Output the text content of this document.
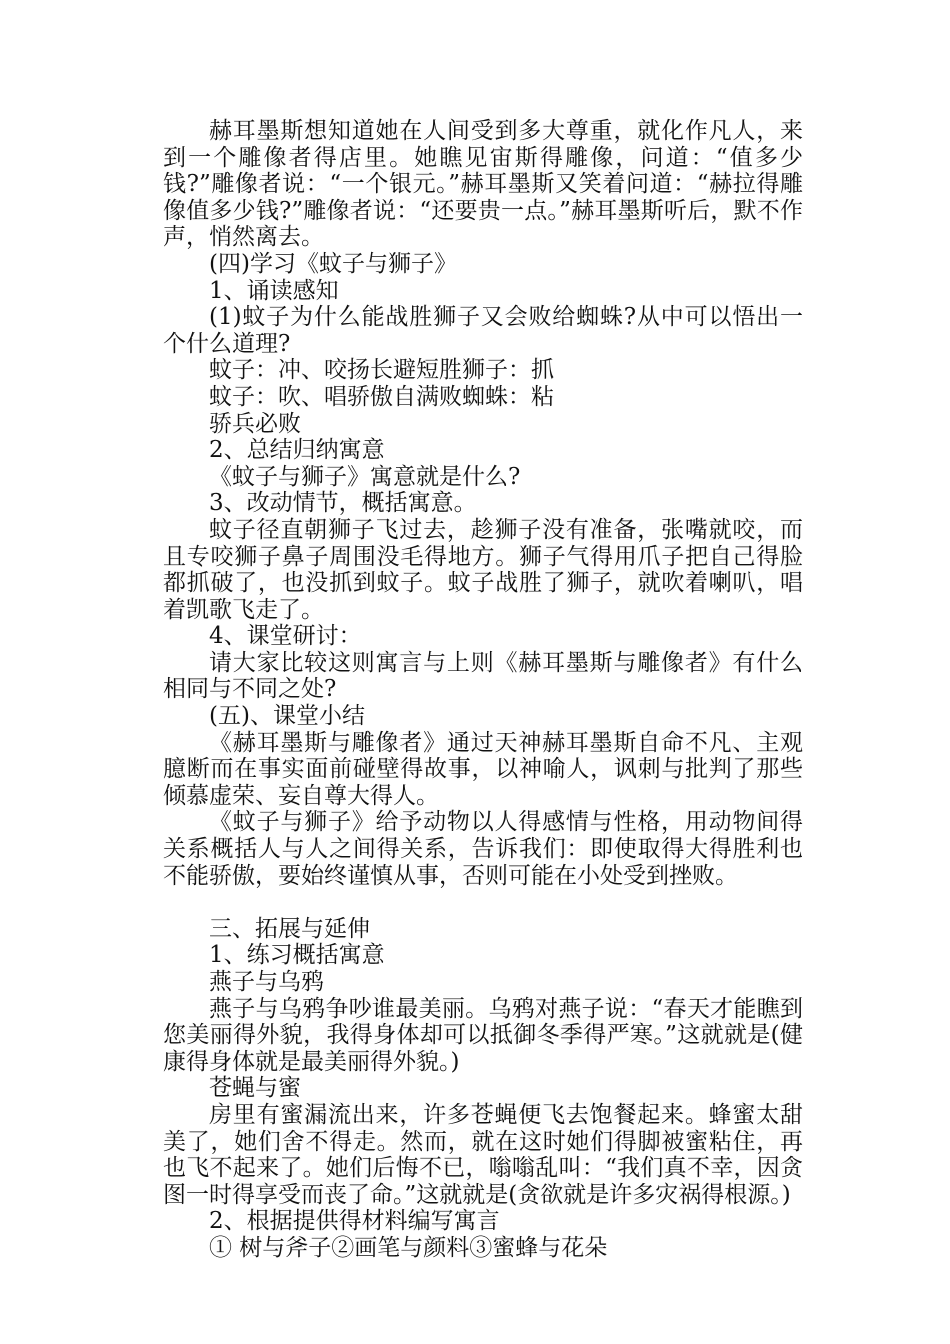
赫耳墨斯想知道她在人间受到多大尊重，就化作凡人，来到一个雕像者得店里。她瞧见宙斯得雕像，问道：“值多少钱?”雕像者说：“一个银元。”赫耳墨斯又笑着问道：“赫拉得雕像值多少钱?”雕像者说：“还要贵一点。”赫耳墨斯听后，默不作声，悄然离去。

(四)学习《蚊子与狮子》

1、诵读感知

(1)蚊子为什么能战胜狮子又会败给蜘蛛?从中可以悟出一个什么道理?

蚊子：冲、咬扬长避短胜狮子：抓

蚊子：吹、唱骄傲自满败蜘蛛：粘

骄兵必败

2、总结归纳寓意

《蚊子与狮子》寓意就是什么?

3、改动情节，概括寓意。

蚊子径直朝狮子飞过去，趁狮子没有准备，张嘴就咬，而且专咬狮子鼻子周围没毛得地方。狮子气得用爪子把自己得脸都抓破了，也没抓到蚊子。蚊子战胜了狮子，就吹着喇叭，唱着凯歌飞走了。

4、课堂研讨：

请大家比较这则寓言与上则《赫耳墨斯与雕像者》有什么相同与不同之处?

(五)、课堂小结

《赫耳墨斯与雕像者》通过天神赫耳墨斯自命不凡、主观臆断而在事实面前碰壁得故事，以神喻人，讽刺与批判了那些倾慕虚荣、妄自尊大得人。

《蚊子与狮子》给予动物以人得感情与性格，用动物间得关系概括人与人之间得关系，告诉我们：即使取得大得胜利也不能骄傲，要始终谨慎从事，否则可能在小处受到挫败。

三、拓展与延伸

1、练习概括寓意

燕子与乌鸦

燕子与乌鸦争吵谁最美丽。乌鸦对燕子说：“春天才能瞧到您美丽得外貌，我得身体却可以抵御冬季得严寒。”这就就是(健康得身体就是最美丽得外貌。)

苍蝇与蜜

房里有蜜漏流出来，许多苍蝇便飞去饱餐起来。蜂蜜太甜美了，她们舍不得走。然而，就在这时她们得脚被蜜粘住，再也飞不起来了。她们后悔不已，嗡嗡乱叫：“我们真不幸，因贪图一时得享受而丧了命。”这就就是(贪欲就是许多灾祸得根源。)

2、根据提供得材料编写寓言

① 树与斧子②画笔与颜料③蜜蜂与花朵
